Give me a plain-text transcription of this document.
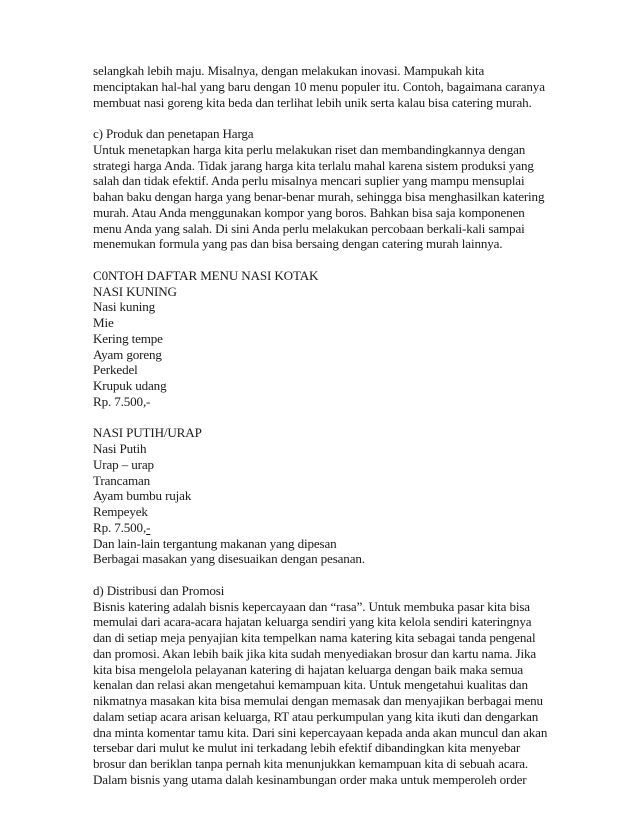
selangkah lebih maju. Misalnya, dengan melakukan inovasi. Mampukah kita
menciptakan hal-hal yang baru dengan 10 menu populer itu. Contoh, bagaimana caranya
membuat nasi goreng kita beda dan terlihat lebih unik serta kalau bisa catering murah.
c) Produk dan penetapan Harga
Untuk menetapkan harga kita perlu melakukan riset dan membandingkannya dengan
strategi harga Anda. Tidak jarang harga kita terlalu mahal karena sistem produksi yang
salah dan tidak efektif. Anda perlu misalnya mencari suplier yang mampu mensuplai
bahan baku dengan harga yang benar-benar murah, sehingga bisa menghasilkan katering
murah. Atau Anda menggunakan kompor yang boros. Bahkan bisa saja komponenen
menu Anda yang salah. Di sini Anda perlu melakukan percobaan berkali-kali sampai
menemukan formula yang pas dan bisa bersaing dengan catering murah lainnya.
C0NTOH DAFTAR MENU NASI KOTAK
NASI KUNING
Nasi kuning
Mie
Kering tempe
Ayam goreng
Perkedel
Krupuk udang
Rp. 7.500,-
NASI PUTIH/URAP
Nasi Putih
Urap – urap
Trancaman
Ayam bumbu rujak
Rempeyek
Rp. 7.500,-
Dan lain-lain tergantung makanan yang dipesan
Berbagai masakan yang disesuaikan dengan pesanan.
d) Distribusi dan Promosi
Bisnis katering adalah bisnis kepercayaan dan “rasa”. Untuk membuka pasar kita bisa
memulai dari acara-acara hajatan keluarga sendiri yang kita kelola sendiri kateringnya
dan di setiap meja penyajian kita tempelkan nama katering kita sebagai tanda pengenal
dan promosi. Akan lebih baik jika kita sudah menyediakan brosur dan kartu nama. Jika
kita bisa mengelola pelayanan katering di hajatan keluarga dengan baik maka semua
kenalan dan relasi akan mengetahui kemampuan kita. Untuk mengetahui kualitas dan
nikmatnya masakan kita bisa memulai dengan memasak dan menyajikan berbagai menu
dalam setiap acara arisan keluarga, RT atau perkumpulan yang kita ikuti dan dengarkan
dna minta komentar tamu kita. Dari sini kepercayaan kepada anda akan muncul dan akan
tersebar dari mulut ke mulut ini terkadang lebih efektif dibandingkan kita menyebar
brosur dan beriklan tanpa pernah kita menunjukkan kemampuan kita di sebuah acara.
Dalam bisnis yang utama dalah kesinambungan order maka untuk memperoleh order
